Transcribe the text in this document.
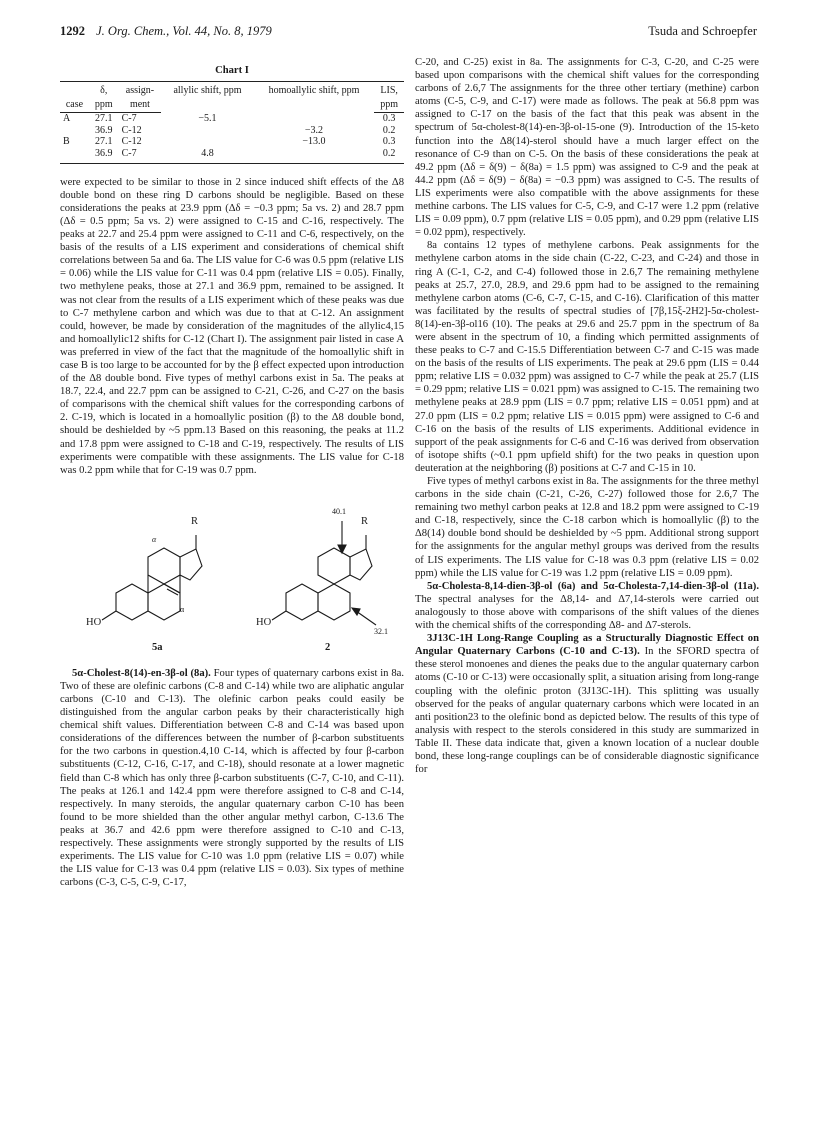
1292 J. Org. Chem., Vol. 44, No. 8, 1979	Tsuda and Schroepfer
Chart I
	δ,	assign-	allylic shift, ppm	homoallylic shift, ppm	LIS,
case	ppm	ment			ppm
A	27.1	C-7	−5.1		0.3
	36.9	C-12		−3.2	0.2
B	27.1	C-12		−13.0	0.3
	36.9	C-7	4.8		0.2

were expected to be similar to those in 2 since induced shift effects of the Δ8 double bond on these ring D carbons should be negligible. Based on these considerations the peaks at 23.9 ppm (Δδ = −0.3 ppm; 5a vs. 2) and 28.7 ppm (Δδ = 0.5 ppm; 5a vs. 2) were assigned to C-15 and C-16, respectively. The peaks at 22.7 and 25.4 ppm were assigned to C-11 and C-6, respectively, on the basis of the results of a LIS experiment and considerations of chemical shift correlations between 5a and 6a. The LIS value for C-6 was 0.5 ppm (relative LIS = 0.06) while the LIS value for C-11 was 0.4 ppm (relative LIS = 0.05). Finally, two methylene peaks, those at 27.1 and 36.9 ppm, remained to be assigned. It was not clear from the results of a LIS experiment which of these peaks was due to C-7 methylene carbon and which was due to that at C-12. An assignment could, however, be made by consideration of the magnitudes of the allylic4,15 and homoallylic12 shifts for C-12 (Chart I). The assignment pair listed in case A was preferred in view of the fact that the magnitude of the homoallylic shift in case B is too large to be accounted for by the β effect expected upon introduction of the Δ8 double bond. Five types of methyl carbons exist in 5a. The peaks at 18.7, 22.4, and 22.7 ppm can be assigned to C-21, C-26, and C-27 on the basis of comparisons with the chemical shift values for the corresponding carbons of 2. C-19, which is located in a homoallylic position (β) to the Δ8 double bond, should be deshielded by ~5 ppm.13 Based on this reasoning, the peaks at 11.2 and 17.8 ppm were assigned to C-18 and C-19, respectively. The results of LIS experiments were compatible with these assignments. The LIS value for C-18 was 0.2 ppm while that for C-19 was 0.7 ppm.

R
HO
α
α
5a
R
HO
40.1
32.1
2

5α-Cholest-8(14)-en-3β-ol (8a). Four types of quaternary carbons exist in 8a. Two of these are olefinic carbons (C-8 and C-14) while two are aliphatic angular carbons (C-10 and C-13). The olefinic carbon peaks could easily be distinguished from the angular carbon peaks by their characteristically high chemical shift values. Differentiation between C-8 and C-14 was based upon considerations of the differences between the number of β-carbon substituents for the two carbons in question.4,10 C-14, which is affected by four β-carbon substituents (C-12, C-16, C-17, and C-18), should resonate at a lower magnetic field than C-8 which has only three β-carbon substituents (C-7, C-10, and C-11). The peaks at 126.1 and 142.4 ppm were therefore assigned to C-8 and C-14, respectively. In many steroids, the angular quaternary carbon C-10 has been found to be more shielded than the other angular methyl carbon, C-13.6 The peaks at 36.7 and 42.6 ppm were therefore assigned to C-10 and C-13, respectively. These assignments were strongly supported by the results of LIS experiments. The LIS value for C-10 was 1.0 ppm (relative LIS = 0.07) while the LIS value for C-13 was 0.4 ppm (relative LIS = 0.03). Six types of methine carbons (C-3, C-5, C-9, C-17,

C-20, and C-25) exist in 8a. The assignments for C-3, C-20, and C-25 were based upon comparisons with the chemical shift values for the corresponding carbons of 2.6,7 The assignments for the three other tertiary (methine) carbon atoms (C-5, C-9, and C-17) were made as follows. The peak at 56.8 ppm was assigned to C-17 on the basis of the fact that this peak was absent in the spectrum of 5α-cholest-8(14)-en-3β-ol-15-one (9). Introduction of the 15-keto function into the Δ8(14)-sterol should have a much larger effect on the resonance of C-9 than on C-5. On the basis of these considerations the peak at 49.2 ppm (Δδ = δ(9) − δ(8a) = 1.5 ppm) was assigned to C-9 and the peak at 44.2 ppm (Δδ = δ(9) − δ(8a) = −0.3 ppm) was assigned to C-5. The results of LIS experiments were also compatible with the above assignments for these methine carbons. The LIS values for C-5, C-9, and C-17 were 1.2 ppm (relative LIS = 0.09 ppm), 0.7 ppm (relative LIS = 0.05 ppm), and 0.29 ppm (relative LIS = 0.02 ppm), respectively.

8a contains 12 types of methylene carbons. Peak assignments for the methylene carbon atoms in the side chain (C-22, C-23, and C-24) and those in ring A (C-1, C-2, and C-4) followed those in 2.6,7 The remaining methylene peaks at 25.7, 27.0, 28.9, and 29.6 ppm had to be assigned to the remaining methylene carbon atoms (C-6, C-7, C-15, and C-16). Clarification of this matter was facilitated by the results of spectral studies of [7β,15ξ-2H2]-5α-cholest-8(14)-en-3β-ol16 (10). The peaks at 29.6 and 25.7 ppm in the spectrum of 8a were absent in the spectrum of 10, a finding which permitted assignments of these peaks to C-7 and C-15.5 Differentiation between C-7 and C-15 was made on the basis of the results of LIS experiments. The peak at 29.6 ppm (LIS = 0.44 ppm; relative LIS = 0.032 ppm) was assigned to C-7 while the peak at 25.7 (LIS = 0.29 ppm; relative LIS = 0.021 ppm) was assigned to C-15. The remaining two methylene peaks at 28.9 ppm (LIS = 0.7 ppm; relative LIS = 0.051 ppm) and at 27.0 ppm (LIS = 0.2 ppm; relative LIS = 0.015 ppm) were assigned to C-6 and C-16 on the basis of the results of LIS experiments. Additional evidence in support of the peak assignments for C-6 and C-16 was derived from observation of isotope shifts (~0.1 ppm upfield shift) for the two peaks in question upon deuteration at the neighboring (β) positions at C-7 and C-15 in 10.

Five types of methyl carbons exist in 8a. The assignments for the three methyl carbons in the side chain (C-21, C-26, C-27) followed those for 2.6,7 The remaining two methyl carbon peaks at 12.8 and 18.2 ppm were assigned to C-19 and C-18, respectively, since the C-18 carbon which is homoallylic (β) to the Δ8(14) double bond should be deshielded by ~5 ppm. Additional strong support for the assignments for the angular methyl groups was derived from the results of LIS experiments. The LIS value for C-18 was 0.3 ppm (relative LIS = 0.02 ppm) while the LIS value for C-19 was 1.2 ppm (relative LIS = 0.09 ppm).

5α-Cholesta-8,14-dien-3β-ol (6a) and 5α-Cholesta-7,14-dien-3β-ol (11a). The spectral analyses for the Δ8,14- and Δ7,14-sterols were carried out analogously to those above with comparisons of the shift values of the dienes with the chemical shifts of the corresponding Δ8- and Δ7-sterols.

3J13C-1H Long-Range Coupling as a Structurally Diagnostic Effect on Angular Quaternary Carbons (C-10 and C-13). In the SFORD spectra of these sterol monoenes and dienes the peaks due to the angular quaternary carbon atoms (C-10 or C-13) were occasionally split, a situation arising from long-range coupling with the olefinic proton (3J13C-1H). This splitting was usually observed for the peaks of angular quaternary carbons which were located in an anti position23 to the olefinic bond as depicted below. The results of this type of analysis with respect to the sterols considered in this study are summarized in Table II. These data indicate that, given a known location of a nuclear double bond, these long-range couplings can be of considerable diagnostic significance for
